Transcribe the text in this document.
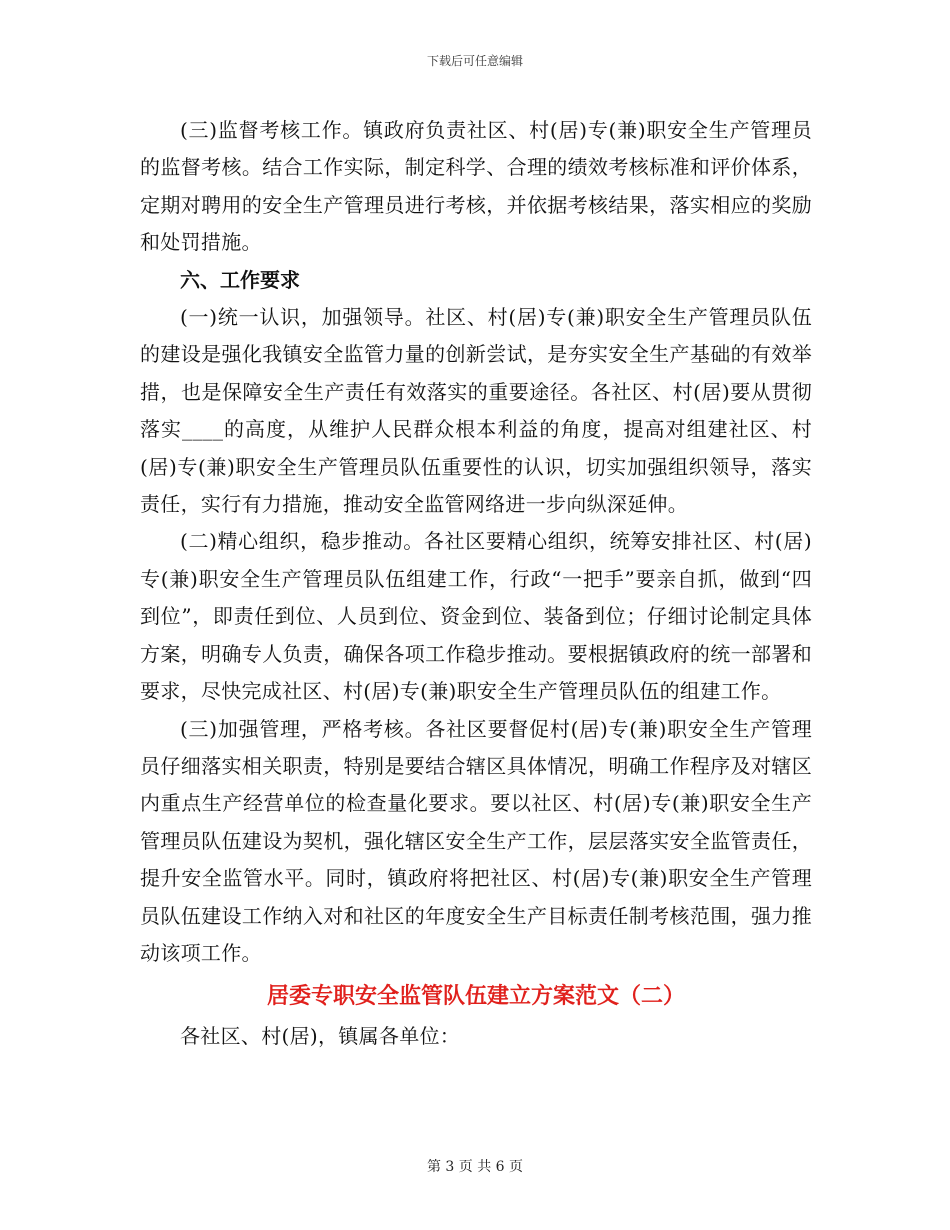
下载后可任意编辑

(三)监督考核工作。镇政府负责社区、村(居)专(兼)职安全生产管理员的监督考核。结合工作实际，制定科学、合理的绩效考核标准和评价体系，定期对聘用的安全生产管理员进行考核，并依据考核结果，落实相应的奖励和处罚措施。

六、工作要求

(一)统一认识，加强领导。社区、村(居)专(兼)职安全生产管理员队伍的建设是强化我镇安全监管力量的创新尝试，是夯实安全生产基础的有效举措，也是保障安全生产责任有效落实的重要途径。各社区、村(居)要从贯彻落实____的高度，从维护人民群众根本利益的角度，提高对组建社区、村(居)专(兼)职安全生产管理员队伍重要性的认识，切实加强组织领导，落实责任，实行有力措施，推动安全监管网络进一步向纵深延伸。

(二)精心组织，稳步推动。各社区要精心组织，统筹安排社区、村(居)专(兼)职安全生产管理员队伍组建工作，行政“一把手”要亲自抓，做到“四到位”，即责任到位、人员到位、资金到位、装备到位；仔细讨论制定具体方案，明确专人负责，确保各项工作稳步推动。要根据镇政府的统一部署和要求，尽快完成社区、村(居)专(兼)职安全生产管理员队伍的组建工作。

(三)加强管理，严格考核。各社区要督促村(居)专(兼)职安全生产管理员仔细落实相关职责，特别是要结合辖区具体情况，明确工作程序及对辖区内重点生产经营单位的检查量化要求。要以社区、村(居)专(兼)职安全生产管理员队伍建设为契机，强化辖区安全生产工作，层层落实安全监管责任，提升安全监管水平。同时，镇政府将把社区、村(居)专(兼)职安全生产管理员队伍建设工作纳入对和社区的年度安全生产目标责任制考核范围，强力推动该项工作。

居委专职安全监管队伍建立方案范文（二）

各社区、村(居)，镇属各单位：

第 3 页 共 6 页
